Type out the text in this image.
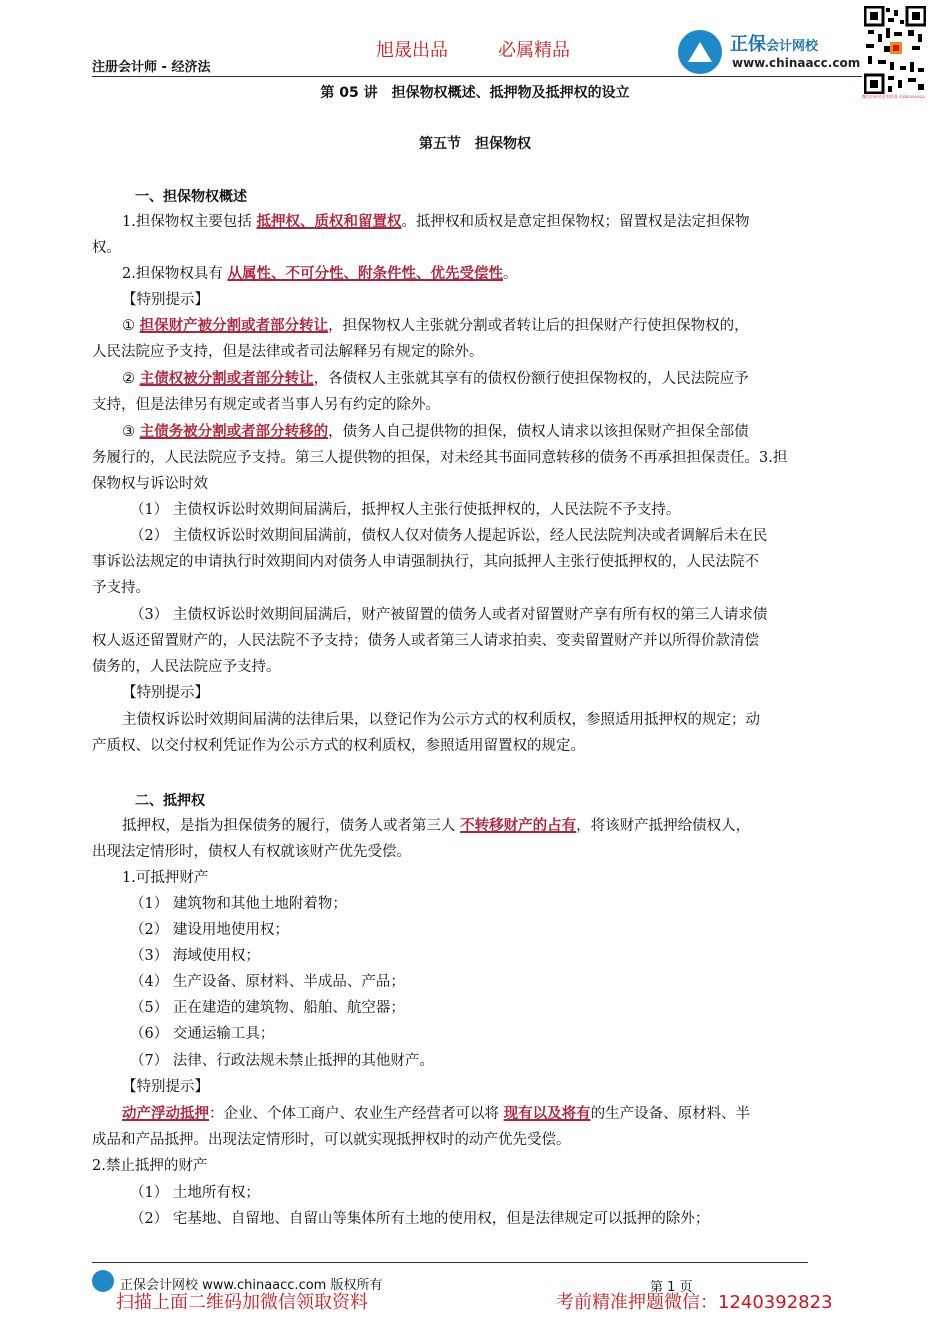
注册会计师 - 经济法
旭晟出品	必属精品	正保会计网校
www.chinaacc.com
微信扫码关注有惊喜 1240392823
第 05 讲　担保物权概述、抵押物及抵押权的设立
第五节　担保物权
一、担保物权概述
1.担保物权主要包括 抵押权、质权和留置权。抵押权和质权是意定担保物权；留置权是法定担保物
权。
2.担保物权具有 从属性、不可分性、附条件性、优先受偿性。
【特别提示】
① 担保财产被分割或者部分转让，担保物权人主张就分割或者转让后的担保财产行使担保物权的，
人民法院应予支持，但是法律或者司法解释另有规定的除外。
② 主债权被分割或者部分转让，各债权人主张就其享有的债权份额行使担保物权的，人民法院应予
支持，但是法律另有规定或者当事人另有约定的除外。
③ 主债务被分割或者部分转移的，债务人自己提供物的担保，债权人请求以该担保财产担保全部债
务履行的，人民法院应予支持。第三人提供物的担保，对未经其书面同意转移的债务不再承担担保责任。3.担
保物权与诉讼时效
（1） 主债权诉讼时效期间届满后，抵押权人主张行使抵押权的，人民法院不予支持。
（2） 主债权诉讼时效期间届满前，债权人仅对债务人提起诉讼，经人民法院判决或者调解后未在民
事诉讼法规定的申请执行时效期间内对债务人申请强制执行，其向抵押人主张行使抵押权的，人民法院不
予支持。
（3） 主债权诉讼时效期间届满后，财产被留置的债务人或者对留置财产享有所有权的第三人请求债
权人返还留置财产的，人民法院不予支持；债务人或者第三人请求拍卖、变卖留置财产并以所得价款清偿
债务的，人民法院应予支持。
【特别提示】
主债权诉讼时效期间届满的法律后果，以登记作为公示方式的权利质权，参照适用抵押权的规定；动
产质权、以交付权利凭证作为公示方式的权利质权，参照适用留置权的规定。
二、抵押权
抵押权，是指为担保债务的履行，债务人或者第三人 不转移财产的占有，将该财产抵押给债权人，
出现法定情形时，债权人有权就该财产优先受偿。
1.可抵押财产
（1） 建筑物和其他土地附着物；
（2） 建设用地使用权；
（3） 海域使用权；
（4） 生产设备、原材料、半成品、产品；
（5） 正在建造的建筑物、船舶、航空器；
（6） 交通运输工具；
（7） 法律、行政法规未禁止抵押的其他财产。
【特别提示】
动产浮动抵押：企业、个体工商户、农业生产经营者可以将 现有以及将有的生产设备、原材料、半
成品和产品抵押。出现法定情形时，可以就实现抵押权时的动产优先受偿。
2.禁止抵押的财产
（1） 土地所有权；
（2） 宅基地、自留地、自留山等集体所有土地的使用权，但是法律规定可以抵押的除外；
正保会计网校 www.chinaacc.com 版权所有	第 1 页
扫描上面二维码加微信领取资料	考前精准押题微信：1240392823
